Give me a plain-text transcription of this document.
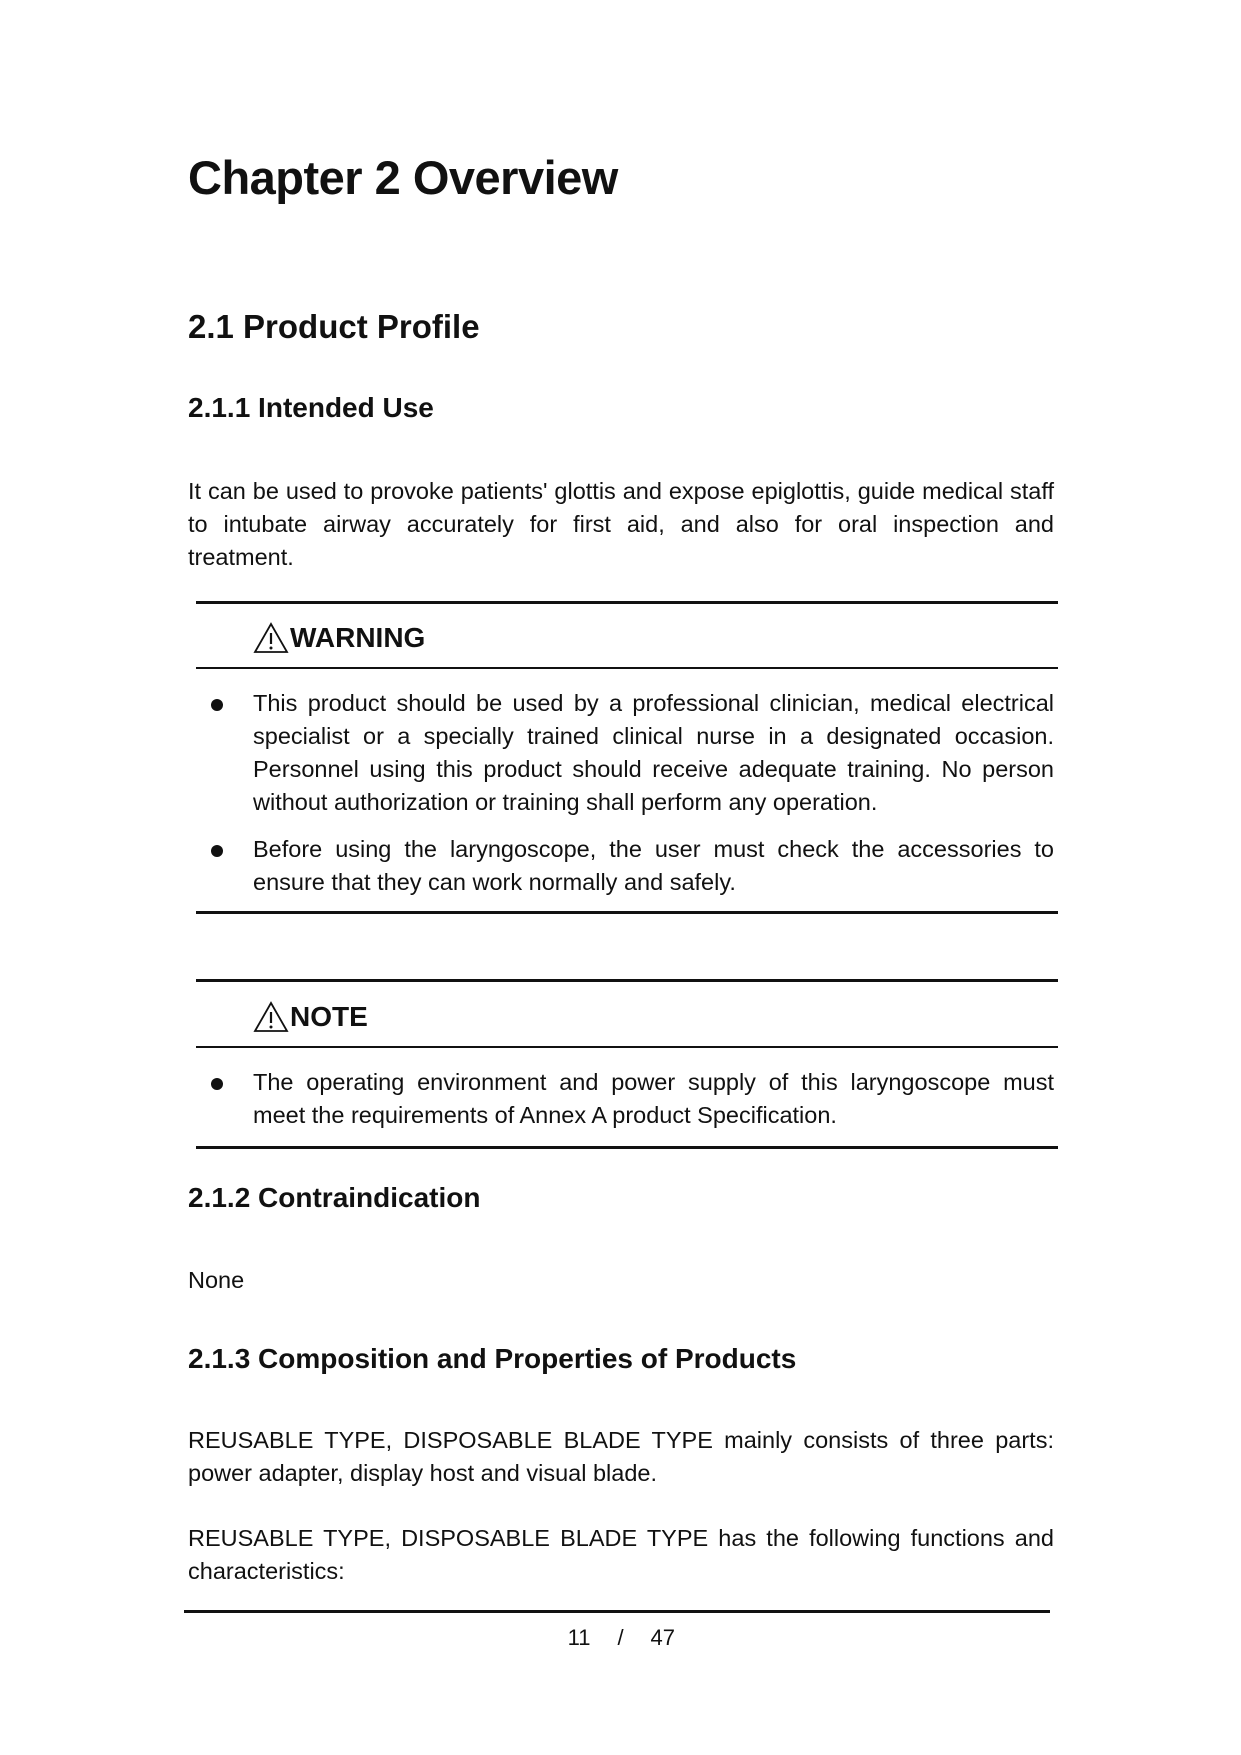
Chapter 2 Overview
2.1 Product Profile
2.1.1 Intended Use
It can be used to provoke patients' glottis and expose epiglottis, guide medical staff to intubate airway accurately for first aid, and also for oral inspection and treatment.
WARNING
This product should be used by a professional clinician, medical electrical specialist or a specially trained clinical nurse in a designated occasion. Personnel using this product should receive adequate training. No person without authorization or training shall perform any operation.
Before using the laryngoscope, the user must check the accessories to ensure that they can work normally and safely.
NOTE
The operating environment and power supply of this laryngoscope must meet the requirements of Annex A product Specification.
2.1.2 Contraindication
None
2.1.3 Composition and Properties of Products
REUSABLE TYPE, DISPOSABLE BLADE TYPE mainly consists of three parts: power adapter, display host and visual blade.
REUSABLE TYPE, DISPOSABLE BLADE TYPE has the following functions and characteristics:
11	/	47
